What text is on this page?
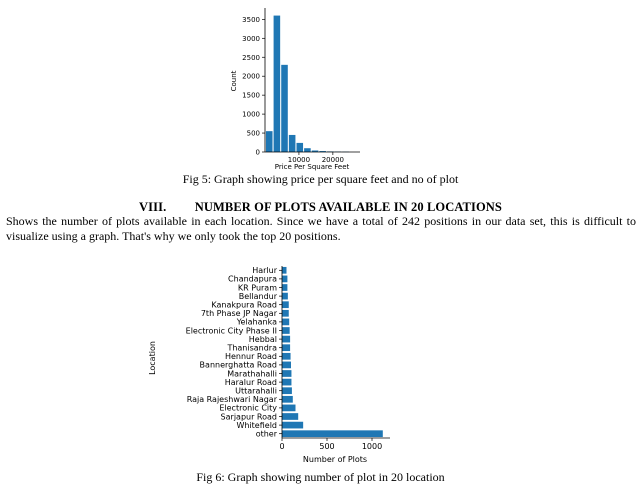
0
500
1000
1500
2000
2500
3000
3500
10000 20000
Count
Price Per Square Feet
Fig 5: Graph showing price per square feet and no of plot
VIII. NUMBER OF PLOTS AVAILABLE IN 20 LOCATIONS
Shows the number of plots available in each location. Since we have a total of 242 positions in our data set, this is difficult to
visualize using a graph. That's why we only took the top 20 positions.
Harlur
Chandapura
KR Puram
Bellandur
Kanakpura Road
7th Phase JP Nagar
Yelahanka
Electronic City Phase II
Hebbal
Thanisandra
Hennur Road
Bannerghatta Road
Marathahalli
Haralur Road
Uttarahalli
Raja Rajeshwari Nagar
Electronic City
Sarjapur Road
Whitefield
other
0	500	1000
Location
Number of Plots
Fig 6: Graph showing number of plot in 20 location
